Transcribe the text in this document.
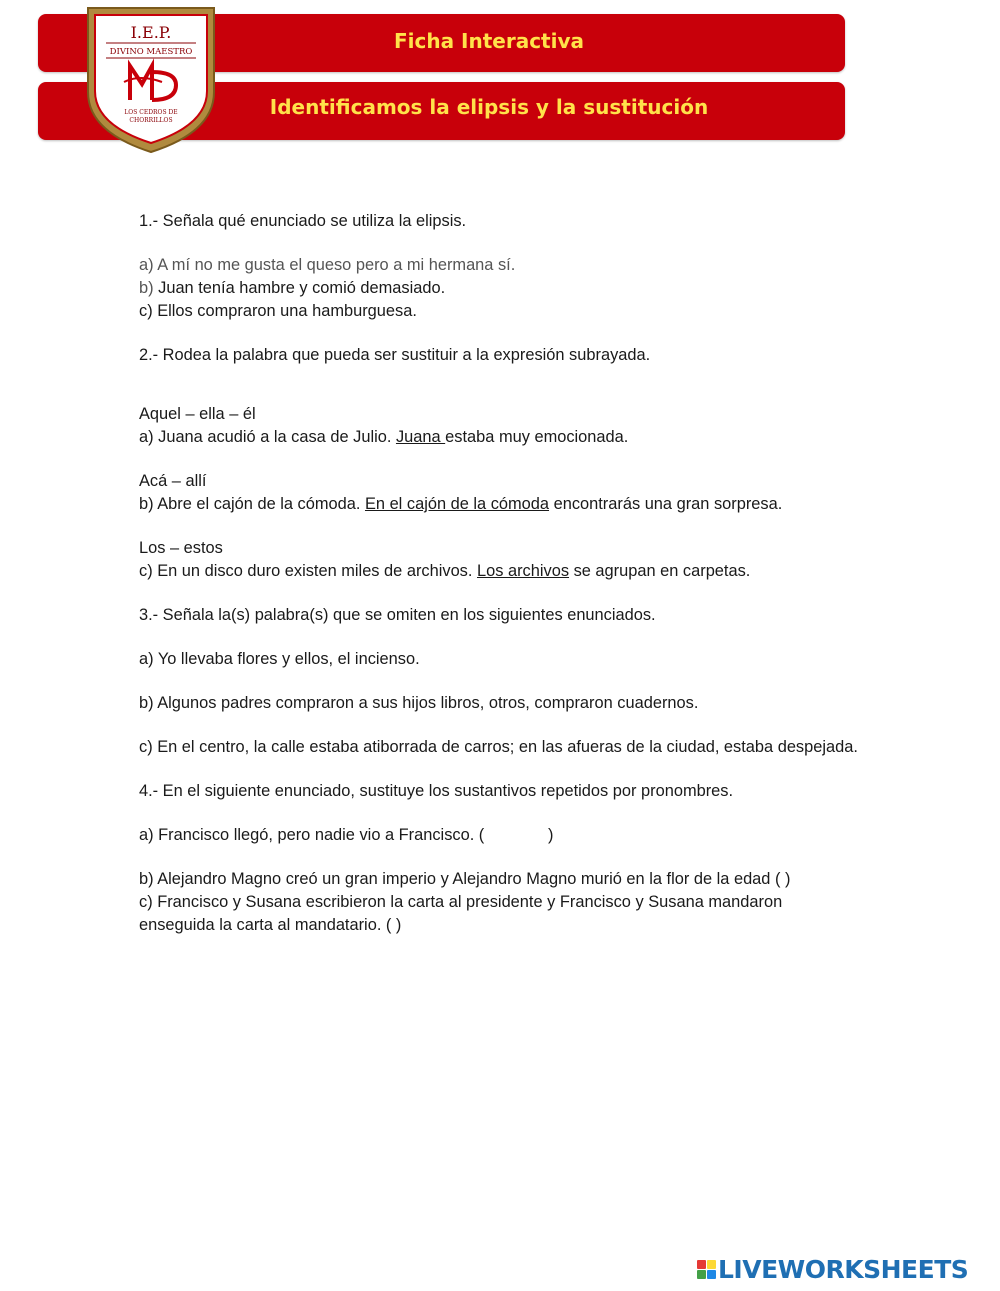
Ficha Interactiva
Identificamos la elipsis y la sustitución
I.E.P.
DIVINO MAESTRO
LOS CEDROS DE
CHORRILLOS

1.- Señala qué enunciado se utiliza la elipsis.

a) A mí no me gusta el queso pero a mi hermana sí.

b) Juan tenía hambre y comió demasiado.

c) Ellos compraron una hamburguesa.

2.- Rodea la palabra que pueda ser sustituir a la expresión subrayada.

Aquel – ella – él

a) Juana acudió a la casa de Julio. Juana estaba muy emocionada.

Acá – allí

b) Abre el cajón de la cómoda. En el cajón de la cómoda encontrarás una gran sorpresa.

Los – estos

c) En un disco duro existen miles de archivos. Los archivos se agrupan en carpetas.

3.- Señala la(s) palabra(s) que se omiten en los siguientes enunciados.

a) Yo llevaba flores y ellos, el incienso.

b) Algunos padres compraron a sus hijos libros, otros, compraron cuadernos.

c) En el centro, la calle estaba atiborrada de carros; en las afueras de la ciudad, estaba despejada.

4.- En el siguiente enunciado, sustituye los sustantivos repetidos por pronombres.

a) Francisco llegó, pero nadie vio a Francisco. (              )

b) Alejandro Magno creó un gran imperio y Alejandro Magno murió en la flor de la edad ( )

c) Francisco y Susana escribieron la carta al presidente y Francisco y Susana mandaron enseguida la carta al mandatario. ( )

LIVEWORKSHEETS
